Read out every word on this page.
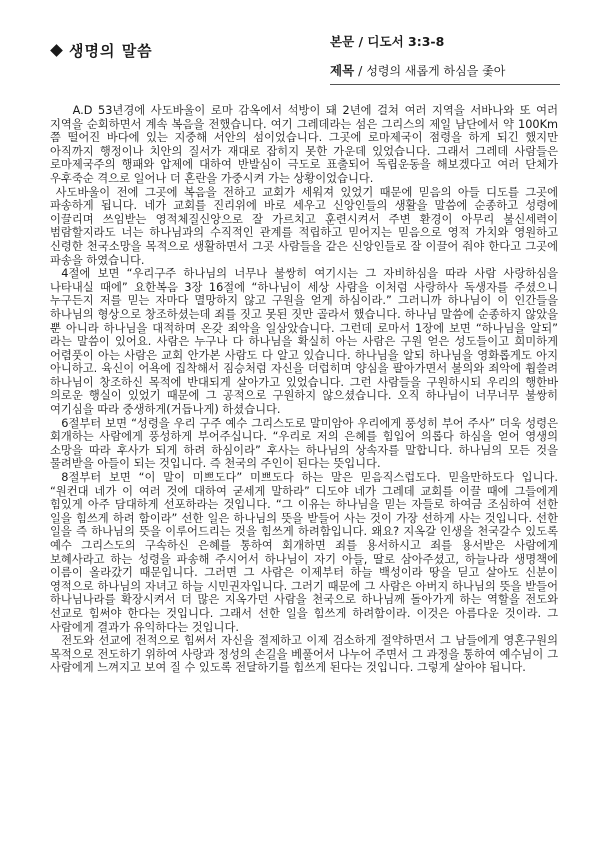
생명의 말씀
본문 / 디도서 3:3-8
제목 / 성령의 새롭게 하심을 좇아

A.D 53년경에 사도바울이 로마 감옥에서 석방이 돼 2년에 걸쳐 여러 지역을 서바나와 또 여러 지역을 순회하면서 계속 복음을 전했습니다. 여기 그레데라는 섬은 그리스의 제일 남단에서 약 100Km 쯤 떨어진 바다에 있는 지중해 서안의 섬이었습니다. 그곳에 로마제국이 점령을 하게 되긴 했지만 아직까지 행정이나 치안의 질서가 재대로 잡히지 못한 가운데 있었습니다. 그래서 그레데 사람들은 로마제국주의 행패와 압제에 대하여 반발심이 극도로 표출되어 독립운동을 해보겠다고 여러 단체가 우후죽순 격으로 일어나 더 혼란을 가중시켜 가는 상황이었습니다.

사도바울이 전에 그곳에 복음을 전하고 교회가 세워져 있었기 때문에 믿음의 아들 디도를 그곳에 파송하게 됩니다. 네가 교회를 진리위에 바로 세우고 신앙인들의 생활을 말씀에 순종하고 성령에 이끌리며 쓰임받는 영적체질신앙으로 잘 가르치고 훈련시켜서 주변 환경이 아무리 불신세력이 범람할지라도 너는 하나님과의 수직적인 관계를 적립하고 믿어지는 믿음으로 영적 가치와 영원하고 신령한 천국소망을 목적으로 생활하면서 그곳 사람들을 같은 신앙인들로 잘 이끌어 줘야 한다고 그곳에 파송을 하였습니다.

4절에 보면 “우리구주 하나님의 너무나 불쌍히 여기시는 그 자비하심을 따라 사람 사랑하심을 나타내실 때에” 요한복음 3장 16절에 “하나님이 세상 사람을 이처럼 사랑하사 독생자를 주셨으니 누구든지 저를 믿는 자마다 멸망하지 않고 구원을 얻게 하심이라.” 그러니까 하나님이 이 인간들을 하나님의 형상으로 창조하셨는데 죄를 짓고 못된 짓만 골라서 했습니다. 하나님 말씀에 순종하지 않았을 뿐 아니라 하나님을 대적하며 온갖 죄악을 일삼았습니다. 그런데 로마서 1장에 보면 “하나님을 알되” 라는 말씀이 있어요. 사람은 누구나 다 하나님을 확실히 아는 사람은 구원 얻은 성도들이고 희미하게 어렴풋이 아는 사람은 교회 안가본 사람도 다 알고 있습니다. 하나님을 알되 하나님을 영화롭게도 아지 아니하고. 육신이 어욕에 집착해서 짐승처럼 자신을 더럽히며 양심을 팔아가면서 불의와 죄악에 휩쓸려 하나님이 창조하신 목적에 반대되게 살아가고 있었습니다. 그런 사람들을 구원하시되 우리의 행한바 의로운 행실이 있었기 때문에 그 공적으로 구원하지 않으셨습니다. 오직 하나님이 너무너무 불쌍히 여기심을 따라 중생하게(거듭나게) 하셨습니다.

6절부터 보면 “성령을 우리 구주 예수 그리스도로 말미암아 우리에게 풍성히 부어 주사” 더욱 성령은 회개하는 사람에게 풍성하게 부어주십니다. “우리로 저의 은혜를 힘입어 의롭다 하심을 얻어 영생의 소망을 따라 후사가 되게 하려 하심이라” 후사는 하나님의 상속자를 말합니다. 하나님의 모든 것을 물려받을 아들이 되는 것입니다. 즉 천국의 주인이 된다는 뜻입니다.

8절부터 보면 “이 말이 미쁘도다” 미쁘도다 하는 말은 믿음직스럽도다. 믿을만하도다 입니다. “원컨대 네가 이 여러 것에 대하여 굳세게 말하라” 디도야 네가 그레데 교회를 이끌 때에 그들에게 힘있게 아주 담대하게 선포하라는 것입니다. “그 이유는 하나님을 믿는 자들로 하여금 조심하여 선한 일을 힘쓰게 하려 함이라” 선한 일은 하나님의 뜻을 받들어 사는 것이 가장 선하게 사는 것입니다. 선한 일을 즉 하나님의 뜻을 이루어드리는 것을 힘쓰게 하려함입니다. 왜요? 지옥갈 인생을 천국갈수 있도록 예수 그리스도의 구속하신 은혜를 통하여 회개하면 죄를 용서하시고 죄를 용서받은 사람에게 보혜사라고 하는 성령을 파송해 주시어서 하나님이 자기 아들, 딸로 삼아주셨고, 하늘나라 생명책에 이름이 올라갔기 때문입니다. 그러면 그 사람은 이제부터 하늘 백성이라 땅을 딛고 살아도 신분이 영적으로 하나님의 자녀고 하늘 시민권자입니다. 그러기 때문에 그 사람은 아버지 하나님의 뜻을 받들어 하나님나라를 확장시켜서 더 많은 지옥가던 사람을 천국으로 하나님께 돌아가게 하는 역할을 전도와 선교로 힘써야 한다는 것입니다. 그래서 선한 일을 힘쓰게 하려함이라. 이것은 아름다운 것이라. 그 사람에게 결과가 유익하다는 것입니다.

전도와 선교에 전적으로 힘써서 자신을 절제하고 이제 검소하게 절약하면서 그 남들에게 영혼구원의 목적으로 전도하기 위하여 사랑과 정성의 손길을 베풀어서 나누어 주면서 그 과정을 통하여 예수님이 그 사람에게 느껴지고 보여 질 수 있도록 전달하기를 힘쓰게 된다는 것입니다. 그렇게 살아야 됩니다.
